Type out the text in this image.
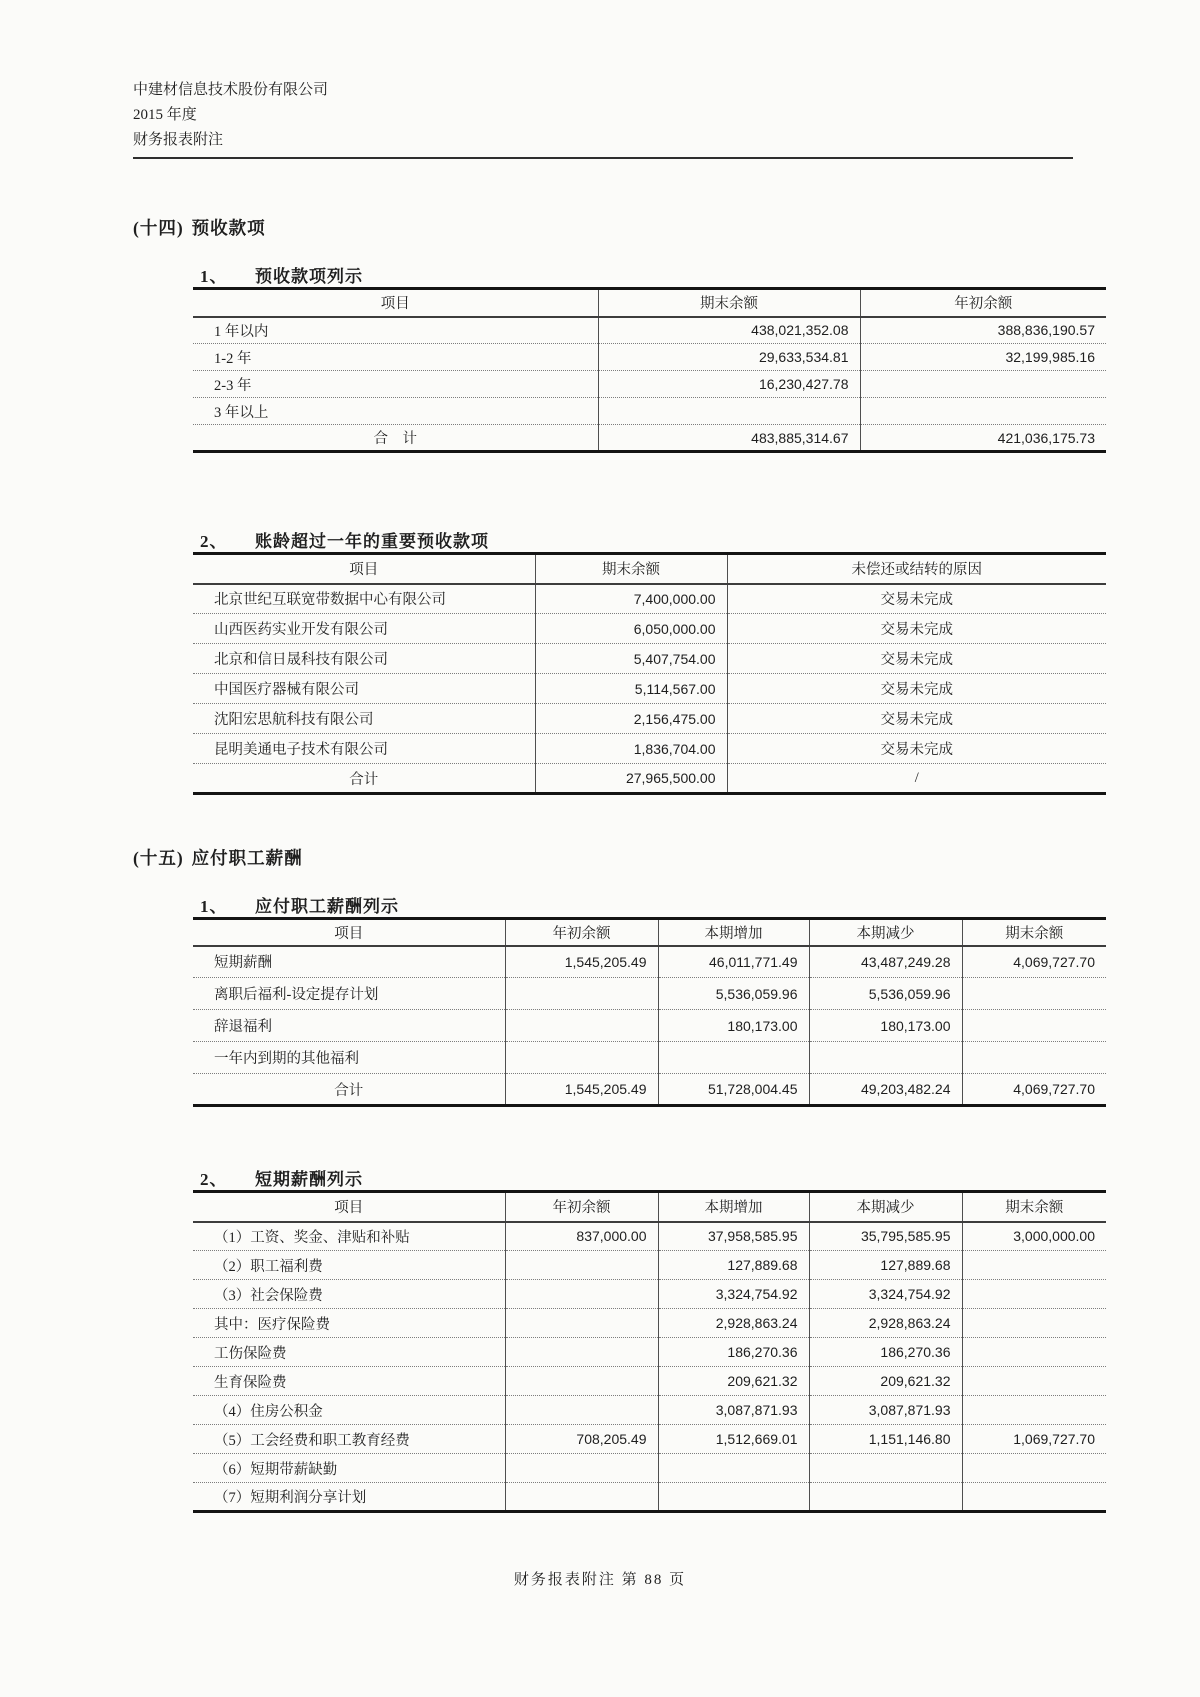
中建材信息技术股份有限公司
2015 年度
财务报表附注
(十四) 预收款项
1、 预收款项列示
项目	期末余额	年初余额
1 年以内	438,021,352.08	388,836,190.57
1-2 年	29,633,534.81	32,199,985.16
2-3 年	16,230,427.78	
3 年以上		
合　计	483,885,314.67	421,036,175.73
2、 账龄超过一年的重要预收款项
项目	期末余额	未偿还或结转的原因
北京世纪互联宽带数据中心有限公司	7,400,000.00	交易未完成
山西医药实业开发有限公司	6,050,000.00	交易未完成
北京和信日晟科技有限公司	5,407,754.00	交易未完成
中国医疗器械有限公司	5,114,567.00	交易未完成
沈阳宏思航科技有限公司	2,156,475.00	交易未完成
昆明美通电子技术有限公司	1,836,704.00	交易未完成
合计	27,965,500.00	/
(十五) 应付职工薪酬
1、 应付职工薪酬列示
项目	年初余额	本期增加	本期减少	期末余额
短期薪酬	1,545,205.49	46,011,771.49	43,487,249.28	4,069,727.70
离职后福利-设定提存计划		5,536,059.96	5,536,059.96	
辞退福利		180,173.00	180,173.00	
一年内到期的其他福利				
合计	1,545,205.49	51,728,004.45	49,203,482.24	4,069,727.70
2、 短期薪酬列示
项目	年初余额	本期增加	本期减少	期末余额
（1）工资、奖金、津贴和补贴	837,000.00	37,958,585.95	35,795,585.95	3,000,000.00
（2）职工福利费		127,889.68	127,889.68	
（3）社会保险费		3,324,754.92	3,324,754.92	
其中：医疗保险费		2,928,863.24	2,928,863.24	
工伤保险费		186,270.36	186,270.36	
生育保险费		209,621.32	209,621.32	
（4）住房公积金		3,087,871.93	3,087,871.93	
（5）工会经费和职工教育经费	708,205.49	1,512,669.01	1,151,146.80	1,069,727.70
（6）短期带薪缺勤				
（7）短期利润分享计划				
财务报表附注 第 88 页
